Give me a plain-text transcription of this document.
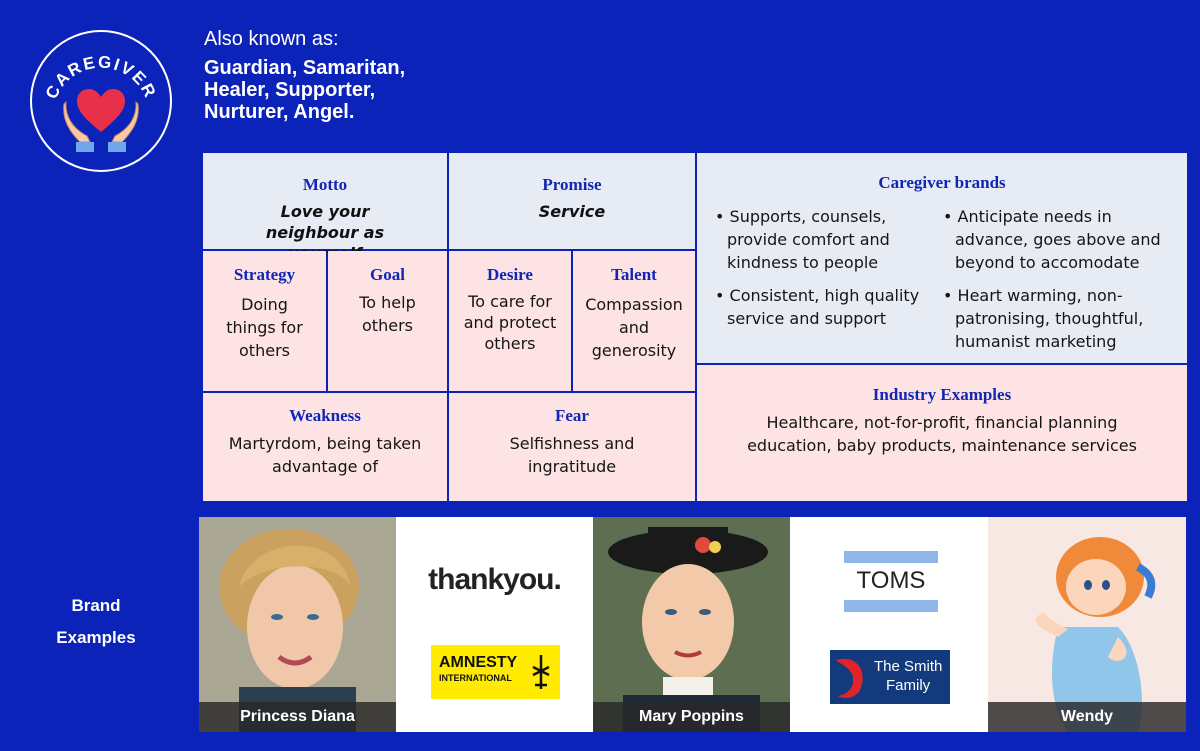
CAREGIVER
Also known as:
Guardian, Samaritan, Healer, Supporter, Nurturer, Angel.
Motto
Love your neighbour as
Promise
Service
Strategy
Doing things for others
Goal
To help others
Desire
To care for and protect others
Talent
Compassion and generosity
Weakness
Martyrdom, being taken advantage of
Fear
Selfishness and ingratitude
Caregiver brands
• Supports, counsels, provide comfort and kindness to people
• Consistent, high quality service and support
• Anticipate needs in advance, goes above and beyond to accomodate
• Heart warming, non-patronising, thoughtful, humanist marketing
Industry Examples
Healthcare, not-for-profit, financial planning education, baby products, maintenance services
Brand Examples
Princess Diana
thankyou.
AMNESTY
INTERNATIONAL
Mary Poppins
TOMS
The Smith
Family
Wendy
